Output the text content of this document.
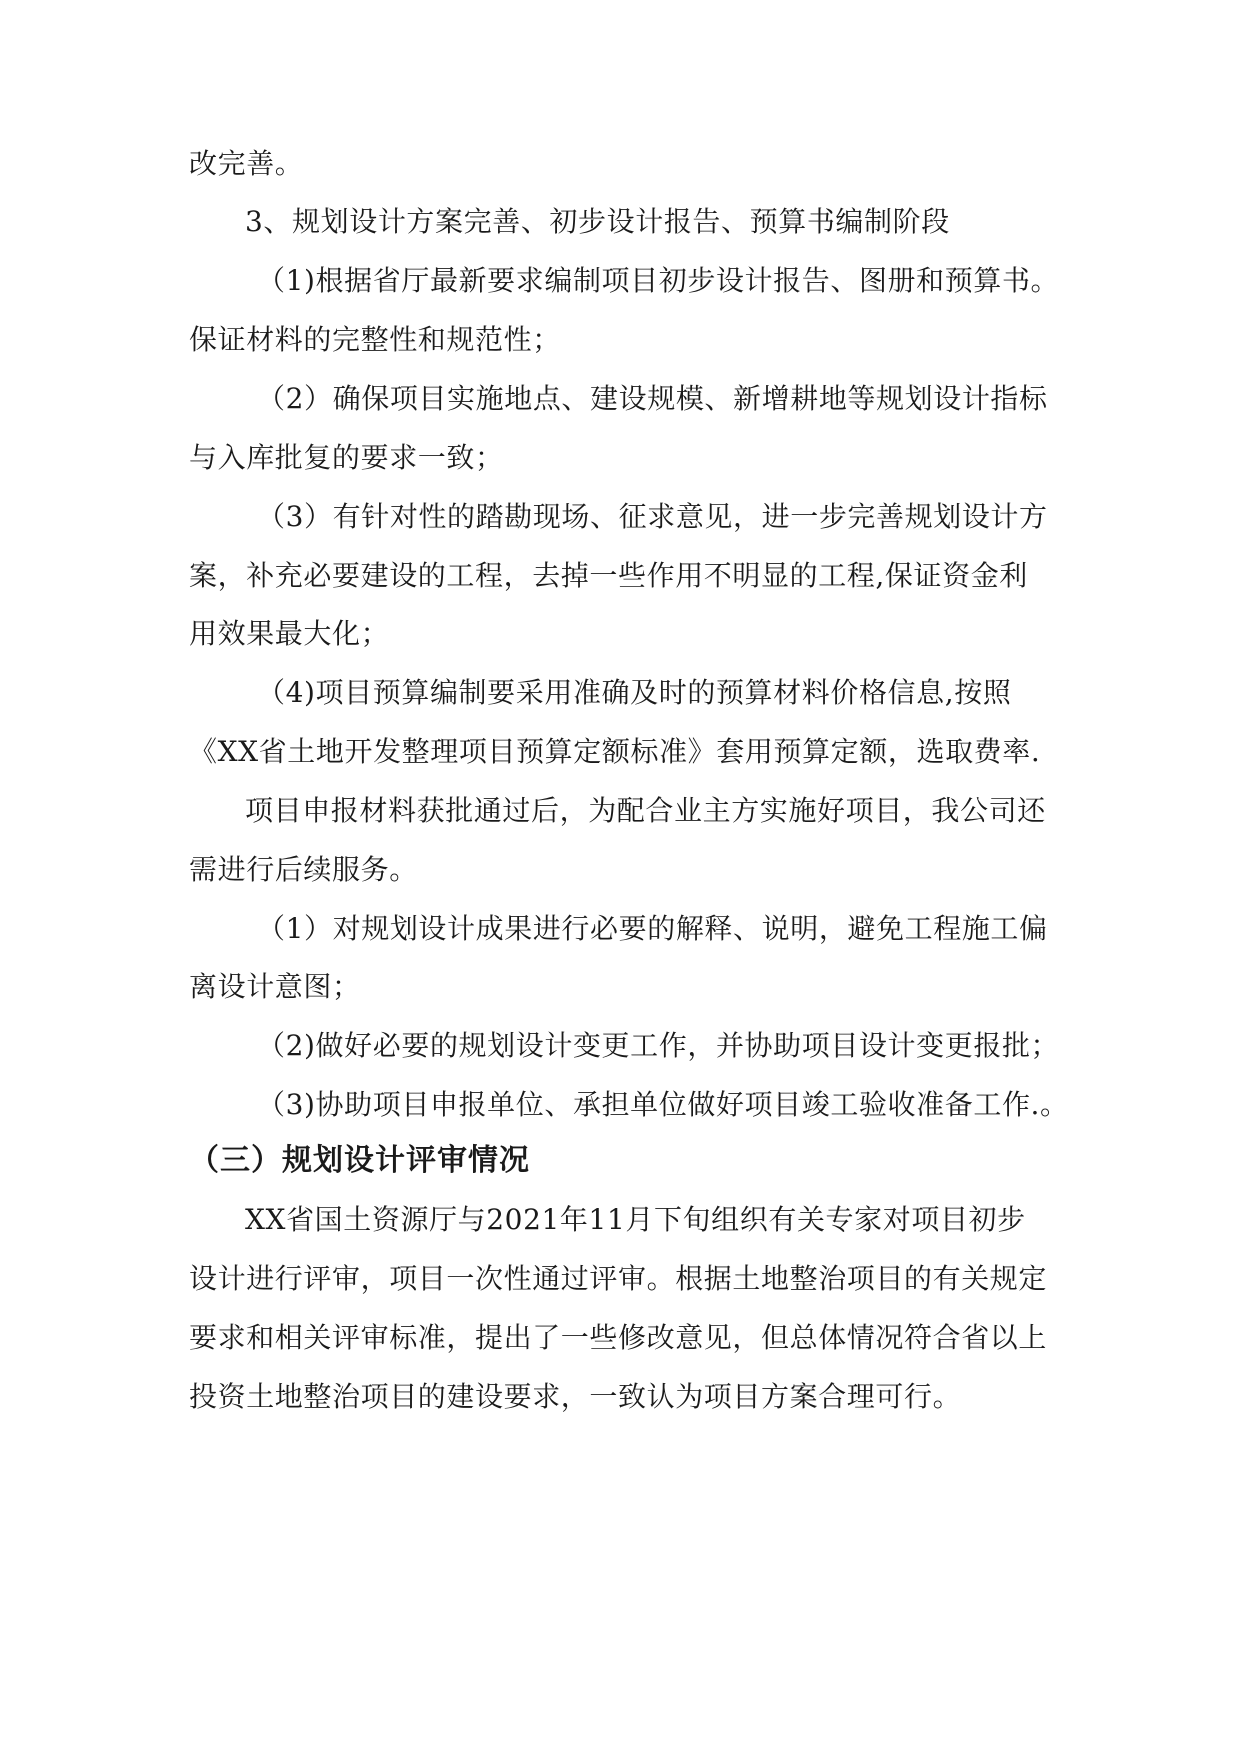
改完善。
3、规划设计方案完善、初步设计报告、预算书编制阶段
（1)根据省厅最新要求编制项目初步设计报告、图册和预算书。
保证材料的完整性和规范性；
（2）确保项目实施地点、建设规模、新增耕地等规划设计指标
与入库批复的要求一致；
（3）有针对性的踏勘现场、征求意见，进一步完善规划设计方
案，补充必要建设的工程，去掉一些作用不明显的工程,保证资金利
用效果最大化；
（4)项目预算编制要采用准确及时的预算材料价格信息,按照
《XX省土地开发整理项目预算定额标准》套用预算定额，选取费率.
项目申报材料获批通过后，为配合业主方实施好项目，我公司还
需进行后续服务。
（1）对规划设计成果进行必要的解释、说明，避免工程施工偏
离设计意图；
（2)做好必要的规划设计变更工作，并协助项目设计变更报批；
（3)协助项目申报单位、承担单位做好项目竣工验收准备工作.。
（三）规划设计评审情况
XX省国土资源厅与2021年11月下旬组织有关专家对项目初步
设计进行评审，项目一次性通过评审。根据土地整治项目的有关规定
要求和相关评审标准，提出了一些修改意见，但总体情况符合省以上
投资土地整治项目的建设要求，一致认为项目方案合理可行。
